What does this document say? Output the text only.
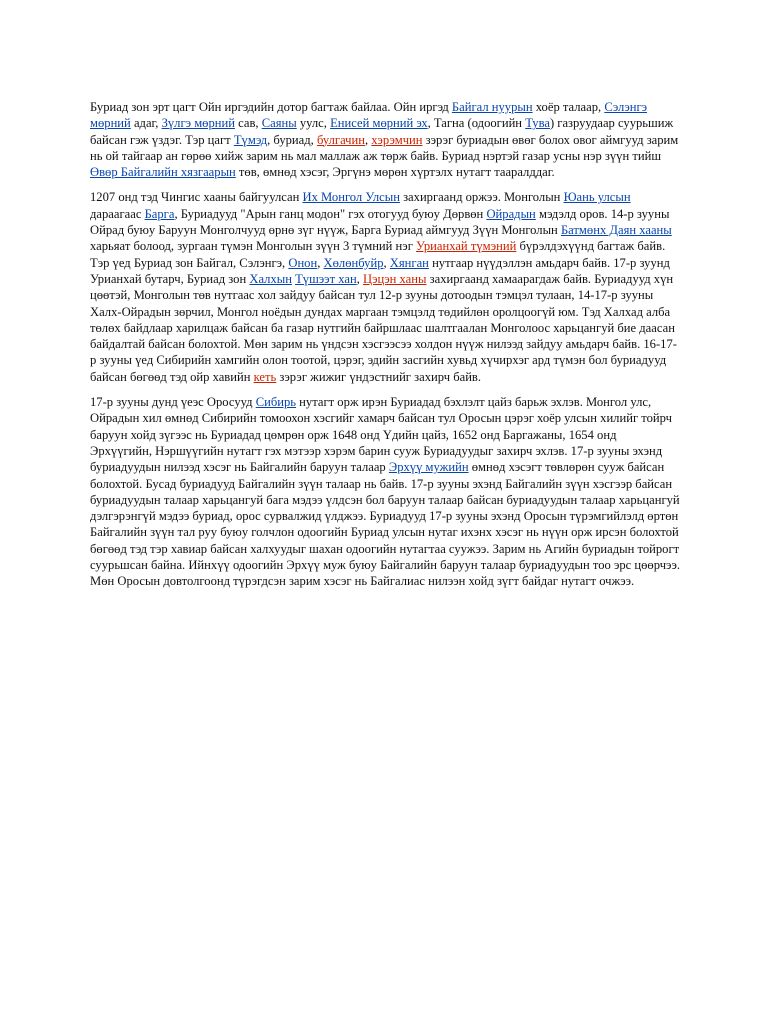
Буриад зон эрт цагт Ойн иргэдийн дотор багтаж байлаа. Ойн иргэд Байгал нуурын хоёр талаар, Сэлэнгэ мөрний адаг, Зүлгэ мөрний сав, Саяны уулс, Енисей мөрний эх, Тагна (одоогийн Тува) газруудаар суурьшиж байсан гэж үздэг. Тэр цагт Түмэд, буриад, булгачин, хэрэмчин зэрэг буриадын өвөг болох овог аймгууд зарим нь ой тайгаар ан гөрөө хийж зарим нь мал маллаж аж төрж байв. Буриад нэртэй газар усны нэр зүүн тийш Өвөр Байгалийн хязгаарын төв, өмнөд хэсэг, Эргүнэ мөрөн хүртэлх нутагт тааралддаг.

1207 онд тэд Чингис хааны байгуулсан Их Монгол Улсын захиргаанд оржээ. Монголын Юань улсын дараагаас Барга, Буриадууд "Арын ганц модон" гэх отогууд буюу Дөрвөн Ойрадын мэдэлд оров. 14-р зууны Ойрад буюу Баруун Монголчууд өрнө зүг нүүж, Барга Буриад аймгууд Зүүн Монголын Батмөнх Даян хааны харьяат болоод, зургаан түмэн Монголын зүүн 3 түмний нэг Урианхай түмэний бүрэлдэхүүнд багтаж байв. Тэр үед Буриад зон Байгал, Сэлэнгэ, Онон, Хөлөнбуйр, Хянган нутгаар нүүдэллэн амьдарч байв. 17-р зуунд Урианхай бутарч, Буриад зон Халхын Түшээт хан, Цэцэн ханы захиргаанд хамаарагдаж байв. Буриадууд хүн цөөтэй, Монголын төв нутгаас хол зайдуу байсан тул 12-р зууны дотоодын тэмцэл тулаан, 14-17-р зууны Халх-Ойрадын зөрчил, Монгол ноёдын дундах маргаан тэмцэлд төдийлөн оролцоогүй юм. Тэд Халхад алба төлөх байдлаар харилцаж байсан ба газар нутгийн байршлаас шалтгаалан Монголоос харьцангуй бие даасан байдалтай байсан болохтой. Мөн зарим нь үндсэн хэсгээсээ холдон нүүж нилээд зайдуу амьдарч байв. 16-17-р зууны үед Сибирийн хамгийн олон тоотой, цэрэг, эдийн засгийн хувьд хүчирхэг ард түмэн бол буриадууд байсан бөгөөд тэд ойр хавийн кеть зэрэг жижиг үндэстнийг захирч байв.

17-р зууны дунд үеэс Оросууд Сибирь нутагт орж ирэн Буриадад бэхлэлт цайз барьж эхлэв. Монгол улс, Ойрадын хил өмнөд Сибирийн томоохон хэсгийг хамарч байсан тул Оросын цэрэг хоёр улсын хилийг тойрч баруун хойд зүгээс нь Буриадад цөмрөн орж 1648 онд Үдийн цайз, 1652 онд Баргажаны, 1654 онд Эрхүүгийн, Нэршүүгийн нутагт гэх мэтээр хэрэм барин сууж Буриадуудыг захирч эхлэв. 17-р зууны эхэнд буриадуудын нилээд хэсэг нь Байгалийн баруун талаар Эрхүү мужийн өмнөд хэсэгт төвлөрөн сууж байсан болохтой. Бусад буриадууд Байгалийн зүүн талаар нь байв. 17-р зууны эхэнд Байгалийн зүүн хэсгээр байсан буриадуудын талаар харьцангуй бага мэдээ үлдсэн бол баруун талаар байсан буриадуудын талаар харьцангуй дэлгэрэнгүй мэдээ буриад, орос сурвалжид үлджээ. Буриадууд 17-р зууны эхэнд Оросын түрэмгийлэлд өртөн Байгалийн зүүн тал руу буюу голчлон одоогийн Буриад улсын нутаг ихэнх хэсэг нь нүүн орж ирсэн болохтой бөгөөд тэд тэр хавиар байсан халхуудыг шахан одоогийн нутагтаа суужээ. Зарим нь Агийн буриадын тойрогт суурьшсан байна. Ийнхүү одоогийн Эрхүү муж буюу Байгалийн баруун талаар буриадуудын тоо эрс цөөрчээ. Мөн Оросын довтолгоонд түрэгдсэн зарим хэсэг нь Байгалиас нилээн хойд зүгт байдаг нутагт очжээ.
